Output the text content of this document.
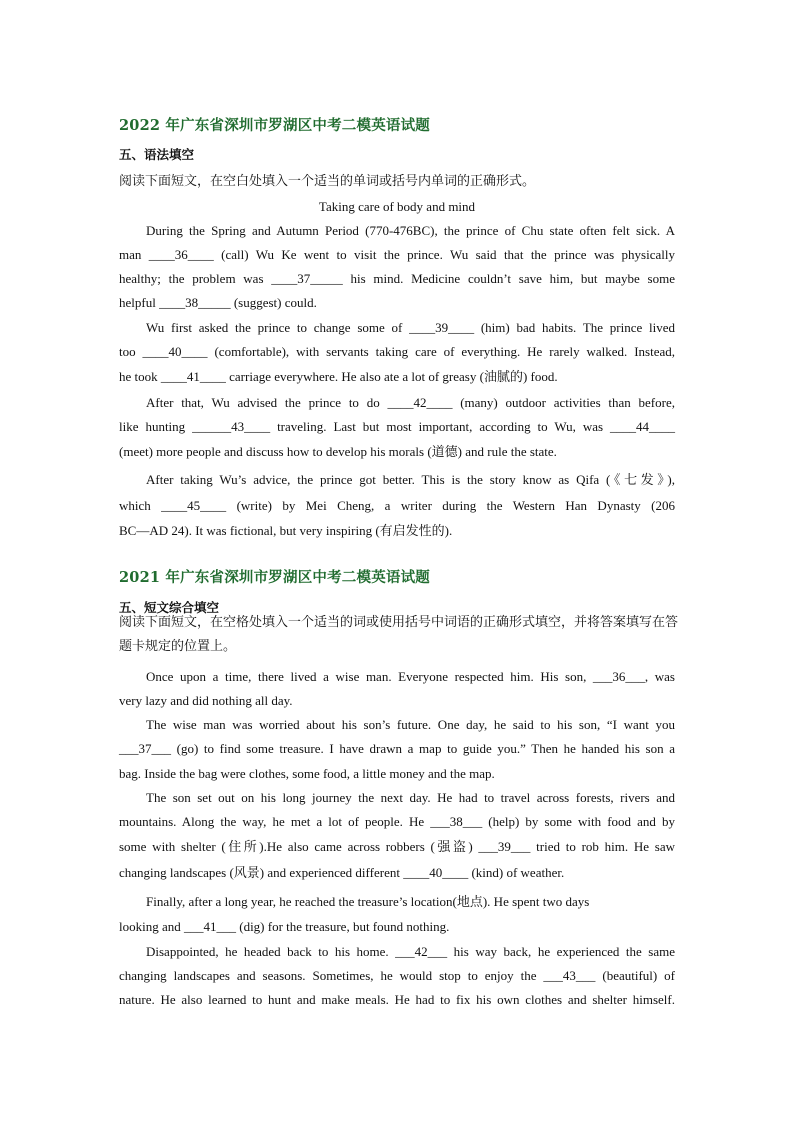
2022 年广东省深圳市罗湖区中考二模英语试题
五、语法填空
阅读下面短文，在空白处填入一个适当的单词或括号内单词的正确形式。
Taking care of body and mind
During the Spring and Autumn Period (770-476BC), the prince of Chu state often felt sick. A
man ____36____ (call) Wu Ke went to visit the prince. Wu said that the prince was physically
healthy; the problem was ____37_____ his mind. Medicine couldn’t save him, but maybe some
helpful ____38_____ (suggest) could.
Wu first asked the prince to change some of ____39____ (him) bad habits. The prince lived
too ____40____ (comfortable), with servants taking care of everything. He rarely walked. Instead,
he took ____41____ carriage everywhere. He also ate a lot of greasy (油腻的) food.
After that, Wu advised the prince to do ____42____ (many) outdoor activities than before,
like hunting ______43____ traveling. Last but most important, according to Wu, was ____44____
(meet) more people and discuss how to develop his morals (道德) and rule the state.
After taking Wu’s advice, the prince got better. This is the story know as Qifa (《七发》),
which ____45____ (write) by Mei Cheng, a writer during the Western Han Dynasty (206
BC—AD 24). It was fictional, but very inspiring (有启发性的).
2021 年广东省深圳市罗湖区中考二模英语试题
五、短文综合填空
阅读下面短文，在空格处填入一个适当的词或使用括号中词语的正确形式填空，并将答案填写在答题卡规定的位置上。
Once upon a time, there lived a wise man. Everyone respected him. His son, ___36___, was
very lazy and did nothing all day.
The wise man was worried about his son’s future. One day, he said to his son, “I want you
___37___ (go) to find some treasure. I have drawn a map to guide you.” Then he handed his son a
bag. Inside the bag were clothes, some food, a little money and the map.
The son set out on his long journey the next day. He had to travel across forests, rivers and
mountains. Along the way, he met a lot of people. He ___38___ (help) by some with food and by
some with shelter (住所).He also came across robbers (强盗) ___39___ tried to rob him. He saw
changing landscapes (风景) and experienced different ____40____ (kind) of weather.
Finally, after a long year, he reached the treasure’s location(地点). He spent two days
looking and ___41___ (dig) for the treasure, but found nothing.
Disappointed, he headed back to his home. ___42___ his way back, he experienced the same
changing landscapes and seasons. Sometimes, he would stop to enjoy the ___43___ (beautiful) of
nature. He also learned to hunt and make meals. He had to fix his own clothes and shelter himself.
